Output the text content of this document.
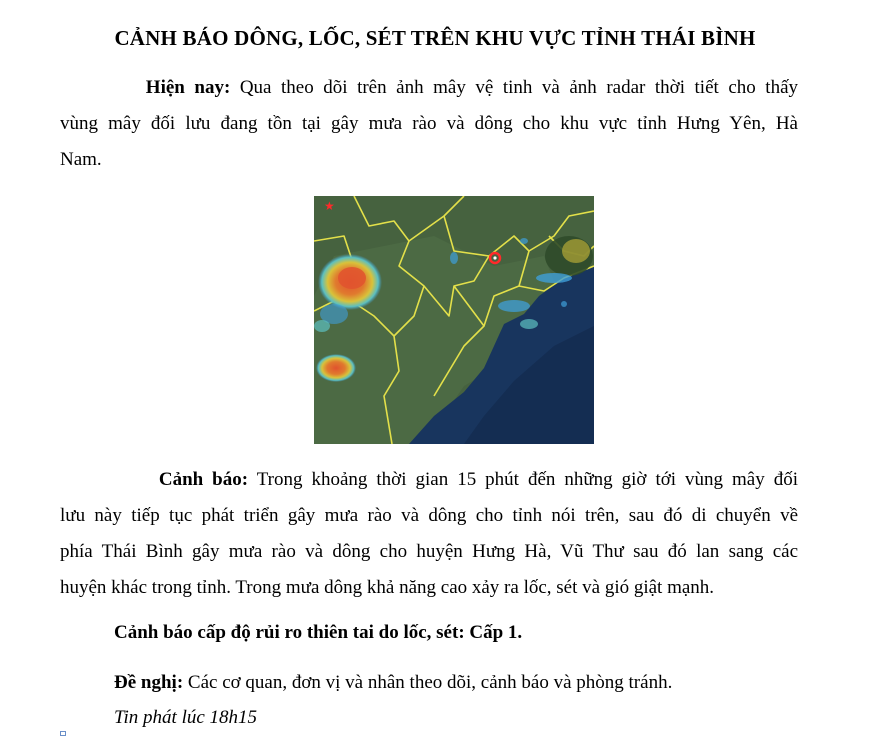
CẢNH BÁO DÔNG, LỐC, SÉT TRÊN KHU VỰC TỈNH THÁI BÌNH
Hiện nay: Qua theo dõi trên ảnh mây vệ tinh và ảnh radar thời tiết cho thấy
vùng mây đối lưu đang tồn tại gây mưa rào và dông cho khu vực tỉnh Hưng Yên, Hà
Nam.
★
Cảnh báo: Trong khoảng thời gian 15 phút đến những giờ tới vùng mây đối
lưu này tiếp tục phát triển gây mưa rào và dông cho tỉnh nói trên, sau đó di chuyển về
phía Thái Bình gây mưa rào và dông cho huyện Hưng Hà, Vũ Thư sau đó lan sang các
huyện khác trong tỉnh. Trong mưa dông khả năng cao xảy ra lốc, sét và gió giật mạnh.

Cảnh báo cấp độ rủi ro thiên tai do lốc, sét: Cấp 1.

Đề nghị: Các cơ quan, đơn vị và nhân theo dõi, cảnh báo và phòng tránh.

Tin phát lúc 18h15
